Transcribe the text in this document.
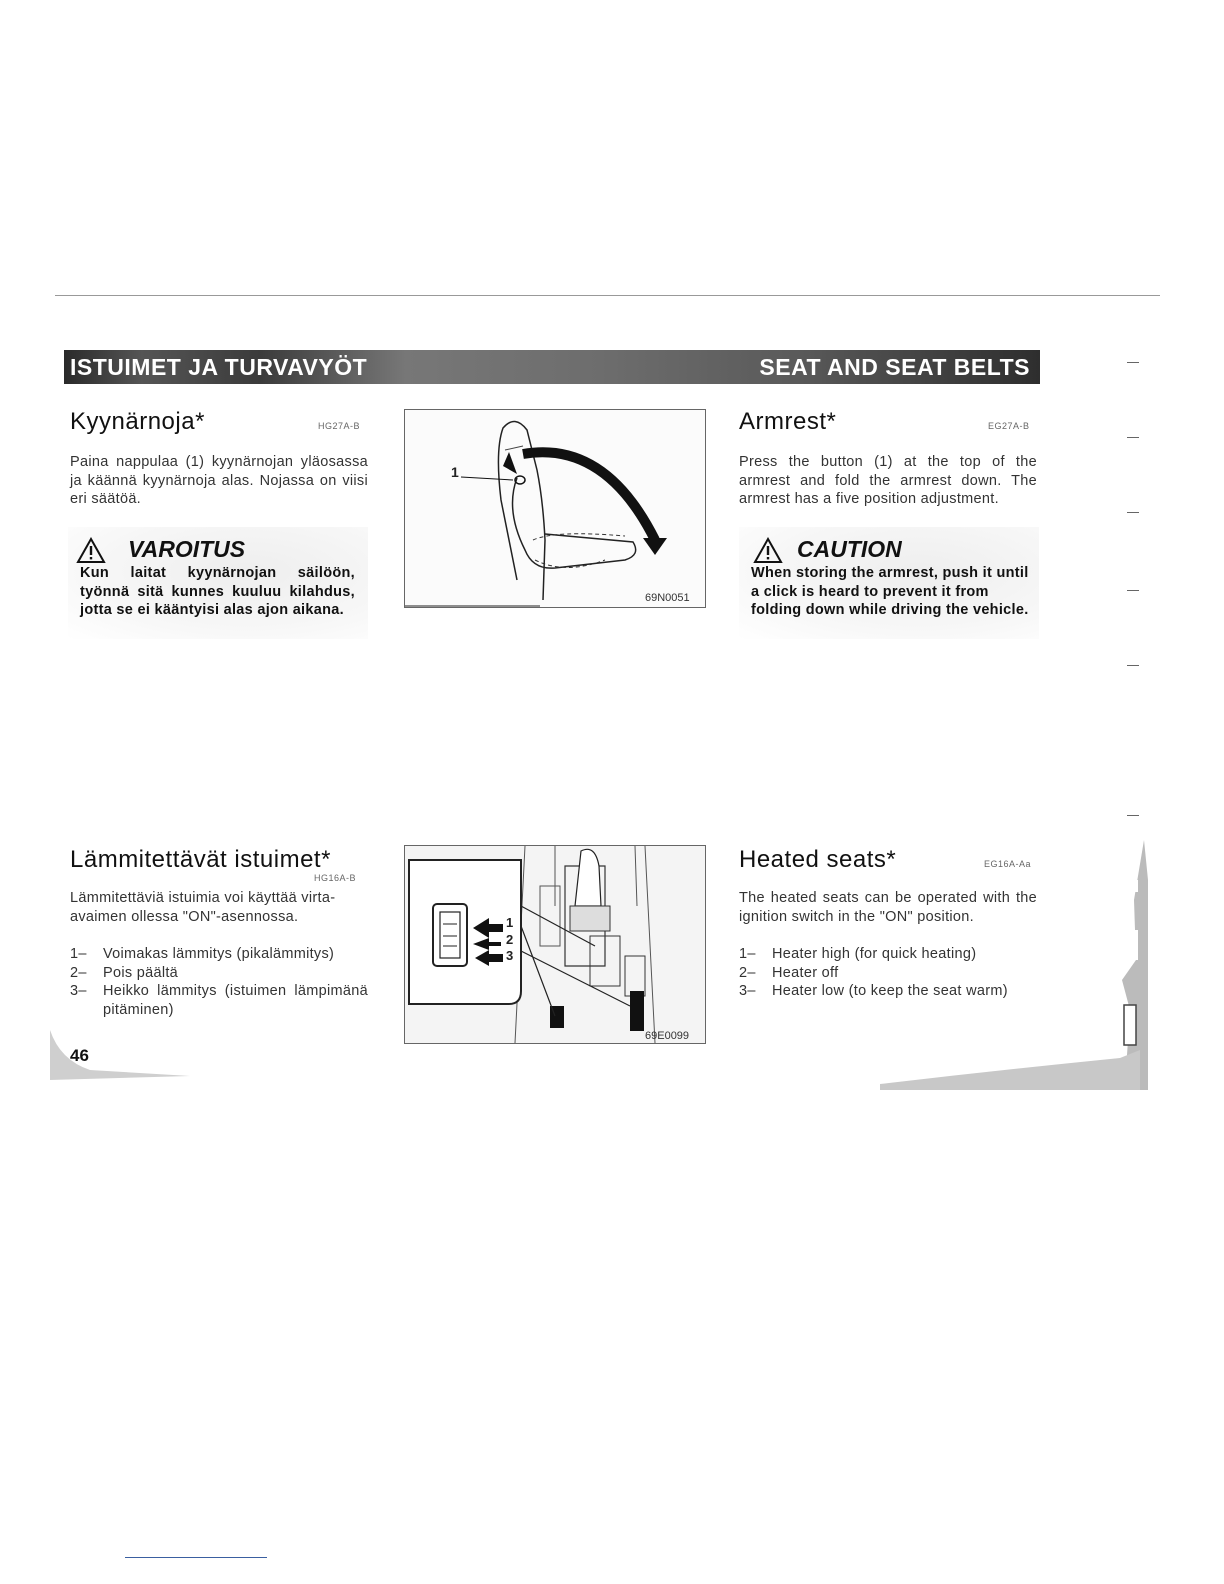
ISTUIMET JA TURVAVYÖT	SEAT AND SEAT BELTS
Kyynärnoja*	HG27A-B
Paina nappulaa (1) kyynärnojan yläosassa ja käännä kyynärnoja alas. Nojassa on viisi eri säätöä.
VAROITUS
Kun laitat kyynärnojan säilöön, työnnä sitä kunnes kuuluu kilahdus, jotta se ei kääntyisi alas ajon aikana.
1
69N0051
Armrest*	EG27A-B
Press the button (1) at the top of the armrest and fold the armrest down. The armrest has a five position adjustment.
CAUTION
When storing the armrest, push it until a click is heard to prevent it from folding down while driving the vehicle.
Lämmitettävät istuimet*
HG16A-B
Lämmitettäviä istuimia voi käyttää virta-avaimen ollessa "ON"-asennossa.
1–	Voimakas lämmitys (pikalämmitys)
2–	Pois päältä
3–	Heikko lämmitys (istuimen lämpimänä pitäminen)
1
2
3
69E0099
Heated seats*	EG16A-Aa
The heated seats can be operated with the ignition switch in the "ON" position.
1–	Heater high (for quick heating)
2–	Heater off
3–	Heater low (to keep the seat warm)
46
